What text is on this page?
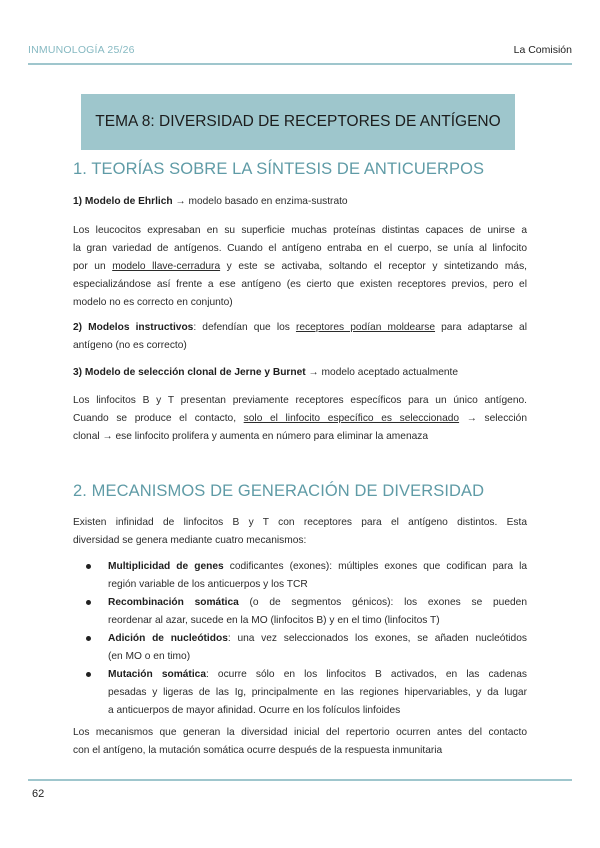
INMUNOLOGÍA 25/26	La Comisión
TEMA 8: DIVERSIDAD DE RECEPTORES DE ANTÍGENO
1. TEORÍAS SOBRE LA SÍNTESIS DE ANTICUERPOS
1) Modelo de Ehrlich → modelo basado en enzima-sustrato
Los leucocitos expresaban en su superficie muchas proteínas distintas capaces de unirse a
la gran variedad de antígenos. Cuando el antígeno entraba en el cuerpo, se unía al linfocito
por un modelo llave-cerradura y este se activaba, soltando el receptor y sintetizando más,
especializándose así frente a ese antígeno (es cierto que existen receptores previos, pero el
modelo no es correcto en conjunto)
2) Modelos instructivos: defendían que los receptores podían moldearse para adaptarse al
antígeno (no es correcto)
3) Modelo de selección clonal de Jerne y Burnet → modelo aceptado actualmente
Los linfocitos B y T presentan previamente receptores específicos para un único antígeno.
Cuando se produce el contacto, solo el linfocito específico es seleccionado → selección
clonal → ese linfocito prolifera y aumenta en número para eliminar la amenaza
2. MECANISMOS DE GENERACIÓN DE DIVERSIDAD
Existen infinidad de linfocitos B y T con receptores para el antígeno distintos. Esta
diversidad se genera mediante cuatro mecanismos:
Multiplicidad de genes codificantes (exones): múltiples exones que codifican para la
región variable de los anticuerpos y los TCR
Recombinación somática (o de segmentos génicos): los exones se pueden
reordenar al azar, sucede en la MO (linfocitos B) y en el timo (linfocitos T)
Adición de nucleótidos: una vez seleccionados los exones, se añaden nucleótidos
(en MO o en timo)
Mutación somática: ocurre sólo en los linfocitos B activados, en las cadenas
pesadas y ligeras de las Ig, principalmente en las regiones hipervariables, y da lugar
a anticuerpos de mayor afinidad. Ocurre en los folículos linfoides
Los mecanismos que generan la diversidad inicial del repertorio ocurren antes del contacto
con el antígeno, la mutación somática ocurre después de la respuesta inmunitaria
62
